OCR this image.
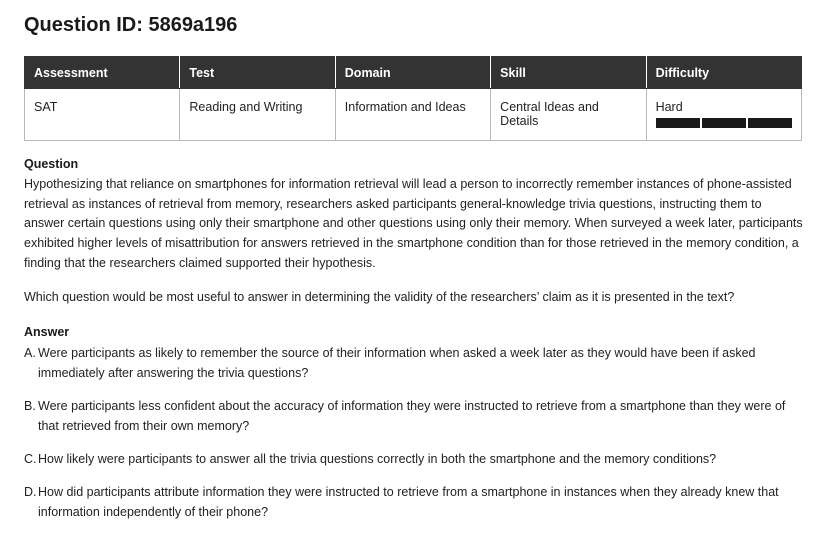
Question ID: 5869a196
Assessment	Test	Domain	Skill	Difficulty
SAT	Reading and Writing	Information and Ideas	Central Ideas and Details	Hard
Question

Hypothesizing that reliance on smartphones for information retrieval will lead a person to incorrectly remember instances of phone-assisted retrieval as instances of retrieval from memory, researchers asked participants general-knowledge trivia questions, instructing them to answer certain questions using only their smartphone and other questions using only their memory. When surveyed a week later, participants exhibited higher levels of misattribution for answers retrieved in the smartphone condition than for those retrieved in the memory condition, a finding that the researchers claimed supported their hypothesis.

Which question would be most useful to answer in determining the validity of the researchers’ claim as it is presented in the text?

Answer
A. Were participants as likely to remember the source of their information when asked a week later as they would have been if asked immediately after answering the trivia questions?
B. Were participants less confident about the accuracy of information they were instructed to retrieve from a smartphone than they were of that retrieved from their own memory?
C. How likely were participants to answer all the trivia questions correctly in both the smartphone and the memory conditions?
D. How did participants attribute information they were instructed to retrieve from a smartphone in instances when they already knew that information independently of their phone?
